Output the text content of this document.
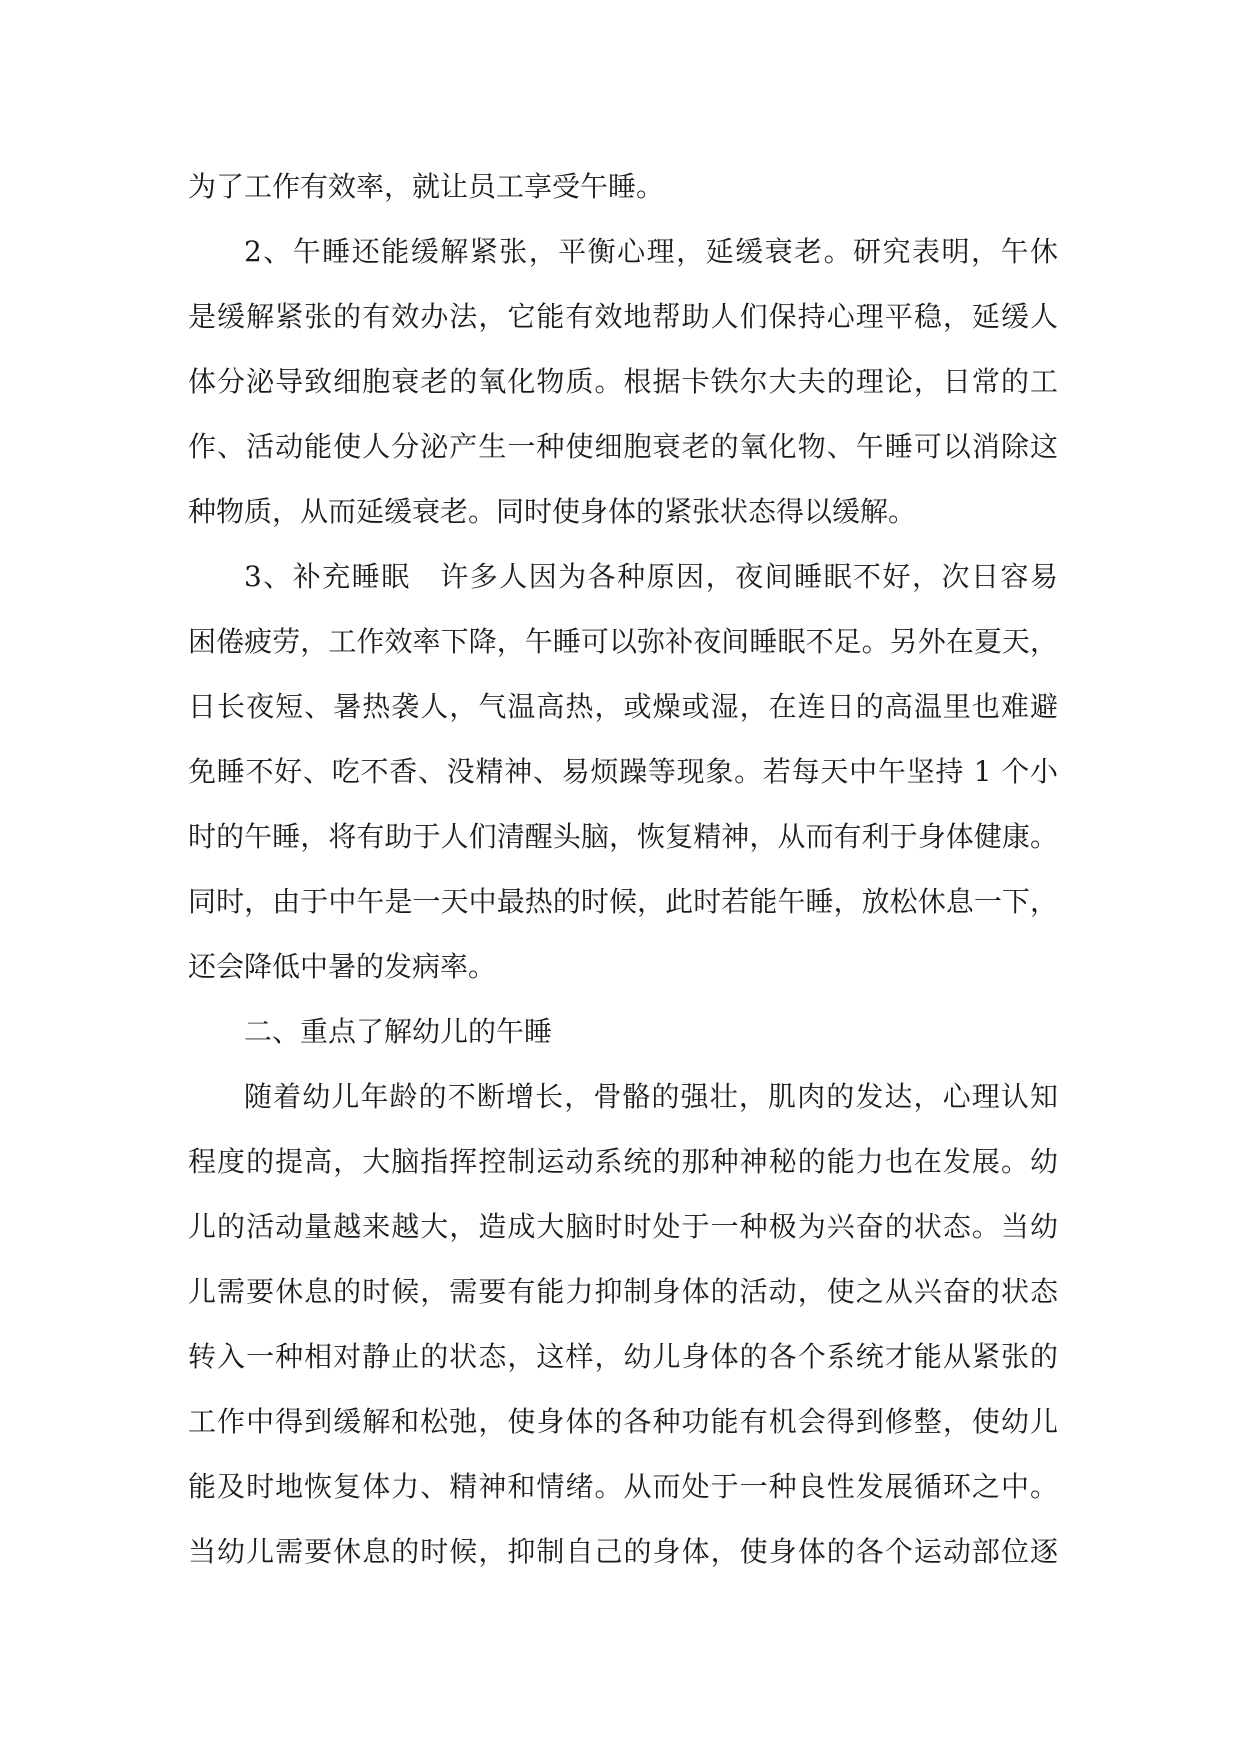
为了工作有效率，就让员工享受午睡。
2、午睡还能缓解紧张，平衡心理，延缓衰老。研究表明，午休
是缓解紧张的有效办法，它能有效地帮助人们保持心理平稳，延缓人
体分泌导致细胞衰老的氧化物质。根据卡铁尔大夫的理论，日常的工
作、活动能使人分泌产生一种使细胞衰老的氧化物、午睡可以消除这
种物质，从而延缓衰老。同时使身体的紧张状态得以缓解。
3、补充睡眠　许多人因为各种原因，夜间睡眠不好，次日容易
困倦疲劳，工作效率下降，午睡可以弥补夜间睡眠不足。另外在夏天，
日长夜短、暑热袭人，气温高热，或燥或湿，在连日的高温里也难避
免睡不好、吃不香、没精神、易烦躁等现象。若每天中午坚持 1 个小
时的午睡，将有助于人们清醒头脑，恢复精神，从而有利于身体健康。
同时，由于中午是一天中最热的时候，此时若能午睡，放松休息一下，
还会降低中暑的发病率。
二、重点了解幼儿的午睡
随着幼儿年龄的不断增长，骨骼的强壮，肌肉的发达，心理认知
程度的提高，大脑指挥控制运动系统的那种神秘的能力也在发展。幼
儿的活动量越来越大，造成大脑时时处于一种极为兴奋的状态。当幼
儿需要休息的时候，需要有能力抑制身体的活动，使之从兴奋的状态
转入一种相对静止的状态，这样，幼儿身体的各个系统才能从紧张的
工作中得到缓解和松弛，使身体的各种功能有机会得到修整，使幼儿
能及时地恢复体力、精神和情绪。从而处于一种良性发展循环之中。
当幼儿需要休息的时候，抑制自己的身体，使身体的各个运动部位逐
